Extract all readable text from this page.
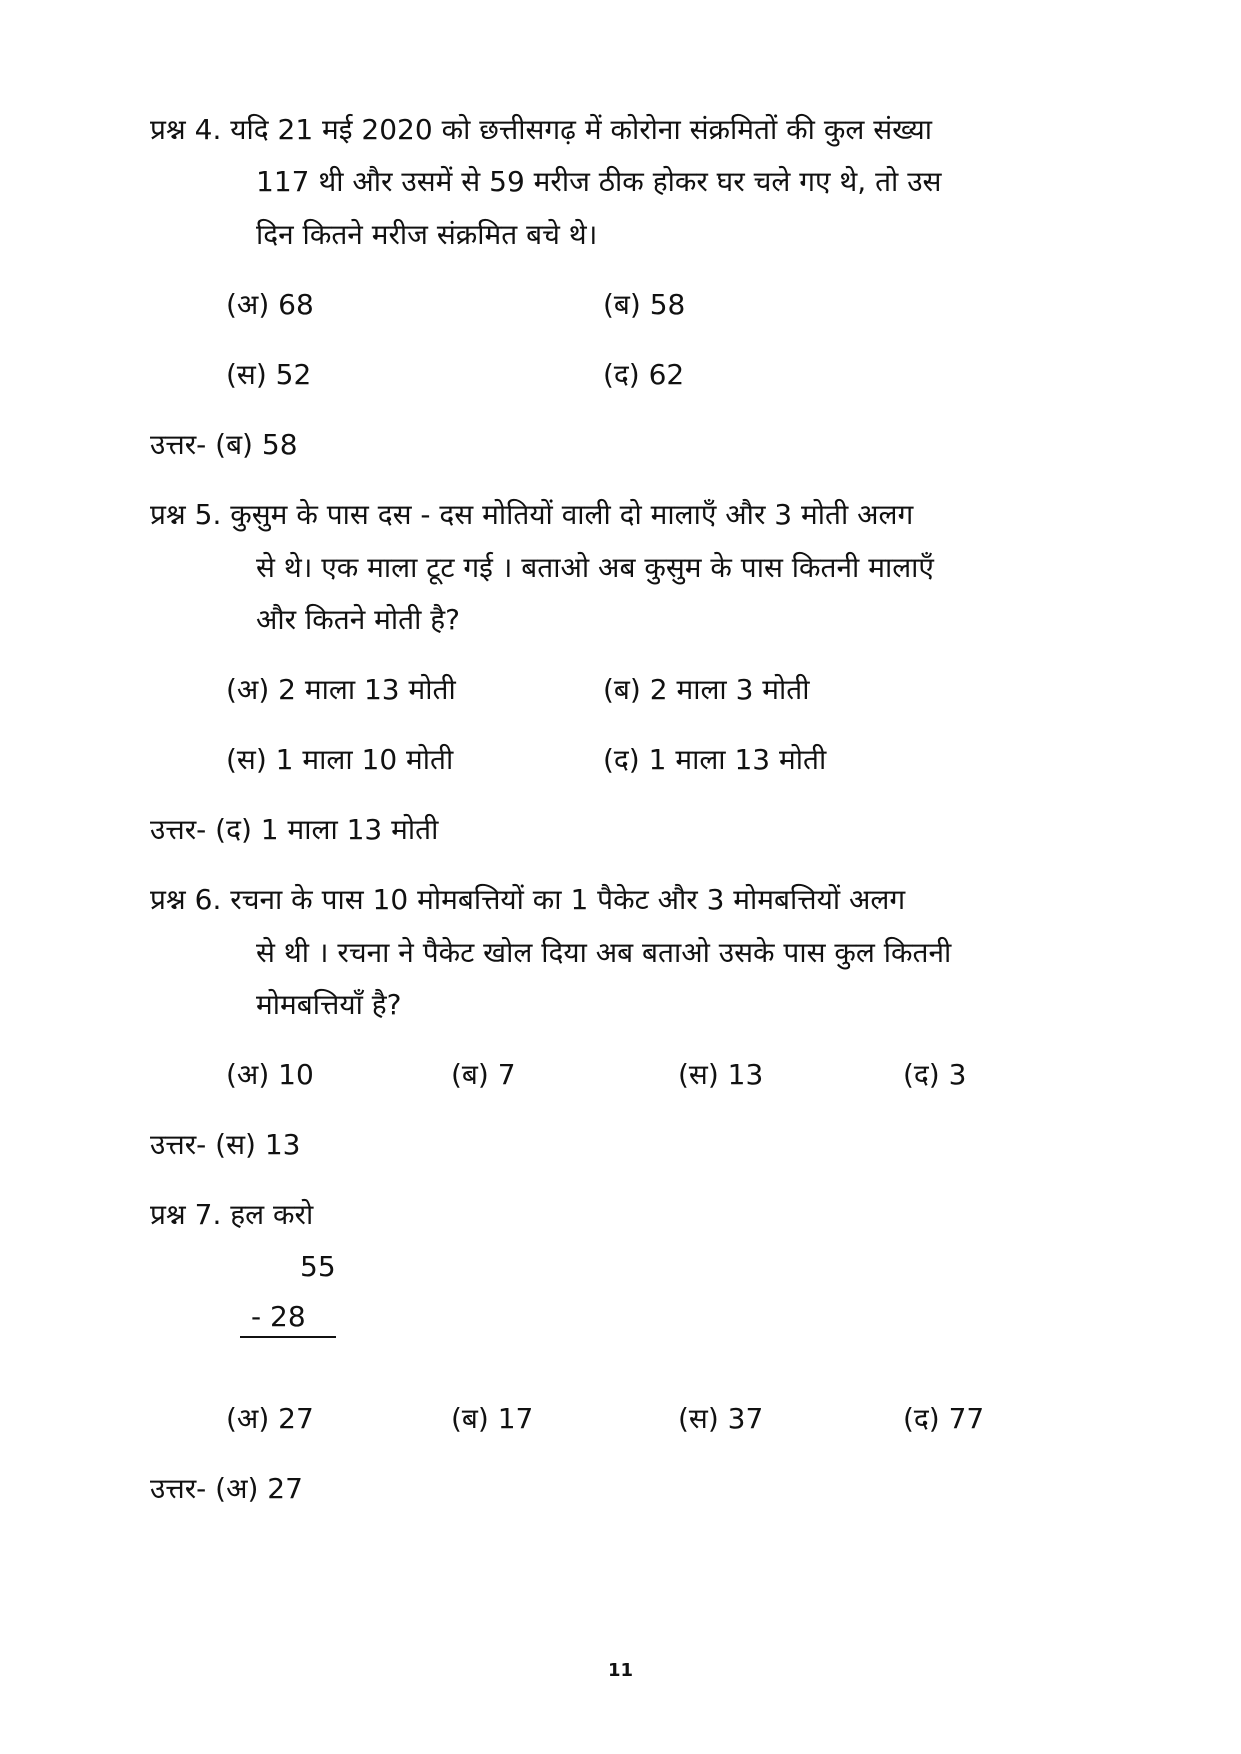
प्रश्न 4. यदि 21 मई 2020 को छत्तीसगढ़ में कोरोना संक्रमितों की कुल संख्या
117 थी और उसमें से 59 मरीज ठीक होकर घर चले गए थे, तो उस
दिन कितने मरीज संक्रमित बचे थे।
(अ) 68	(ब) 58
(स) 52	(द) 62
उत्तर- (ब) 58
प्रश्न 5. कुसुम के पास दस - दस मोतियों वाली दो मालाएँ और 3 मोती अलग
से थे। एक माला टूट गई । बताओ अब कुसुम के पास कितनी मालाएँ
और कितने मोती है?
(अ) 2 माला 13 मोती	(ब) 2 माला 3 मोती
(स) 1 माला 10 मोती	(द) 1 माला 13 मोती
उत्तर- (द) 1 माला 13 मोती
प्रश्न 6. रचना के पास 10 मोमबत्तियों का 1 पैकेट और 3 मोमबत्तियों अलग
से थी । रचना ने पैकेट खोल दिया अब बताओ उसके पास कुल कितनी
मोमबत्तियाँ है?
(अ) 10	(ब) 7	(स) 13	(द) 3
उत्तर- (स) 13
प्रश्न 7. हल करो
55
- 28
(अ) 27	(ब) 17	(स) 37	(द) 77
उत्तर- (अ) 27
11
